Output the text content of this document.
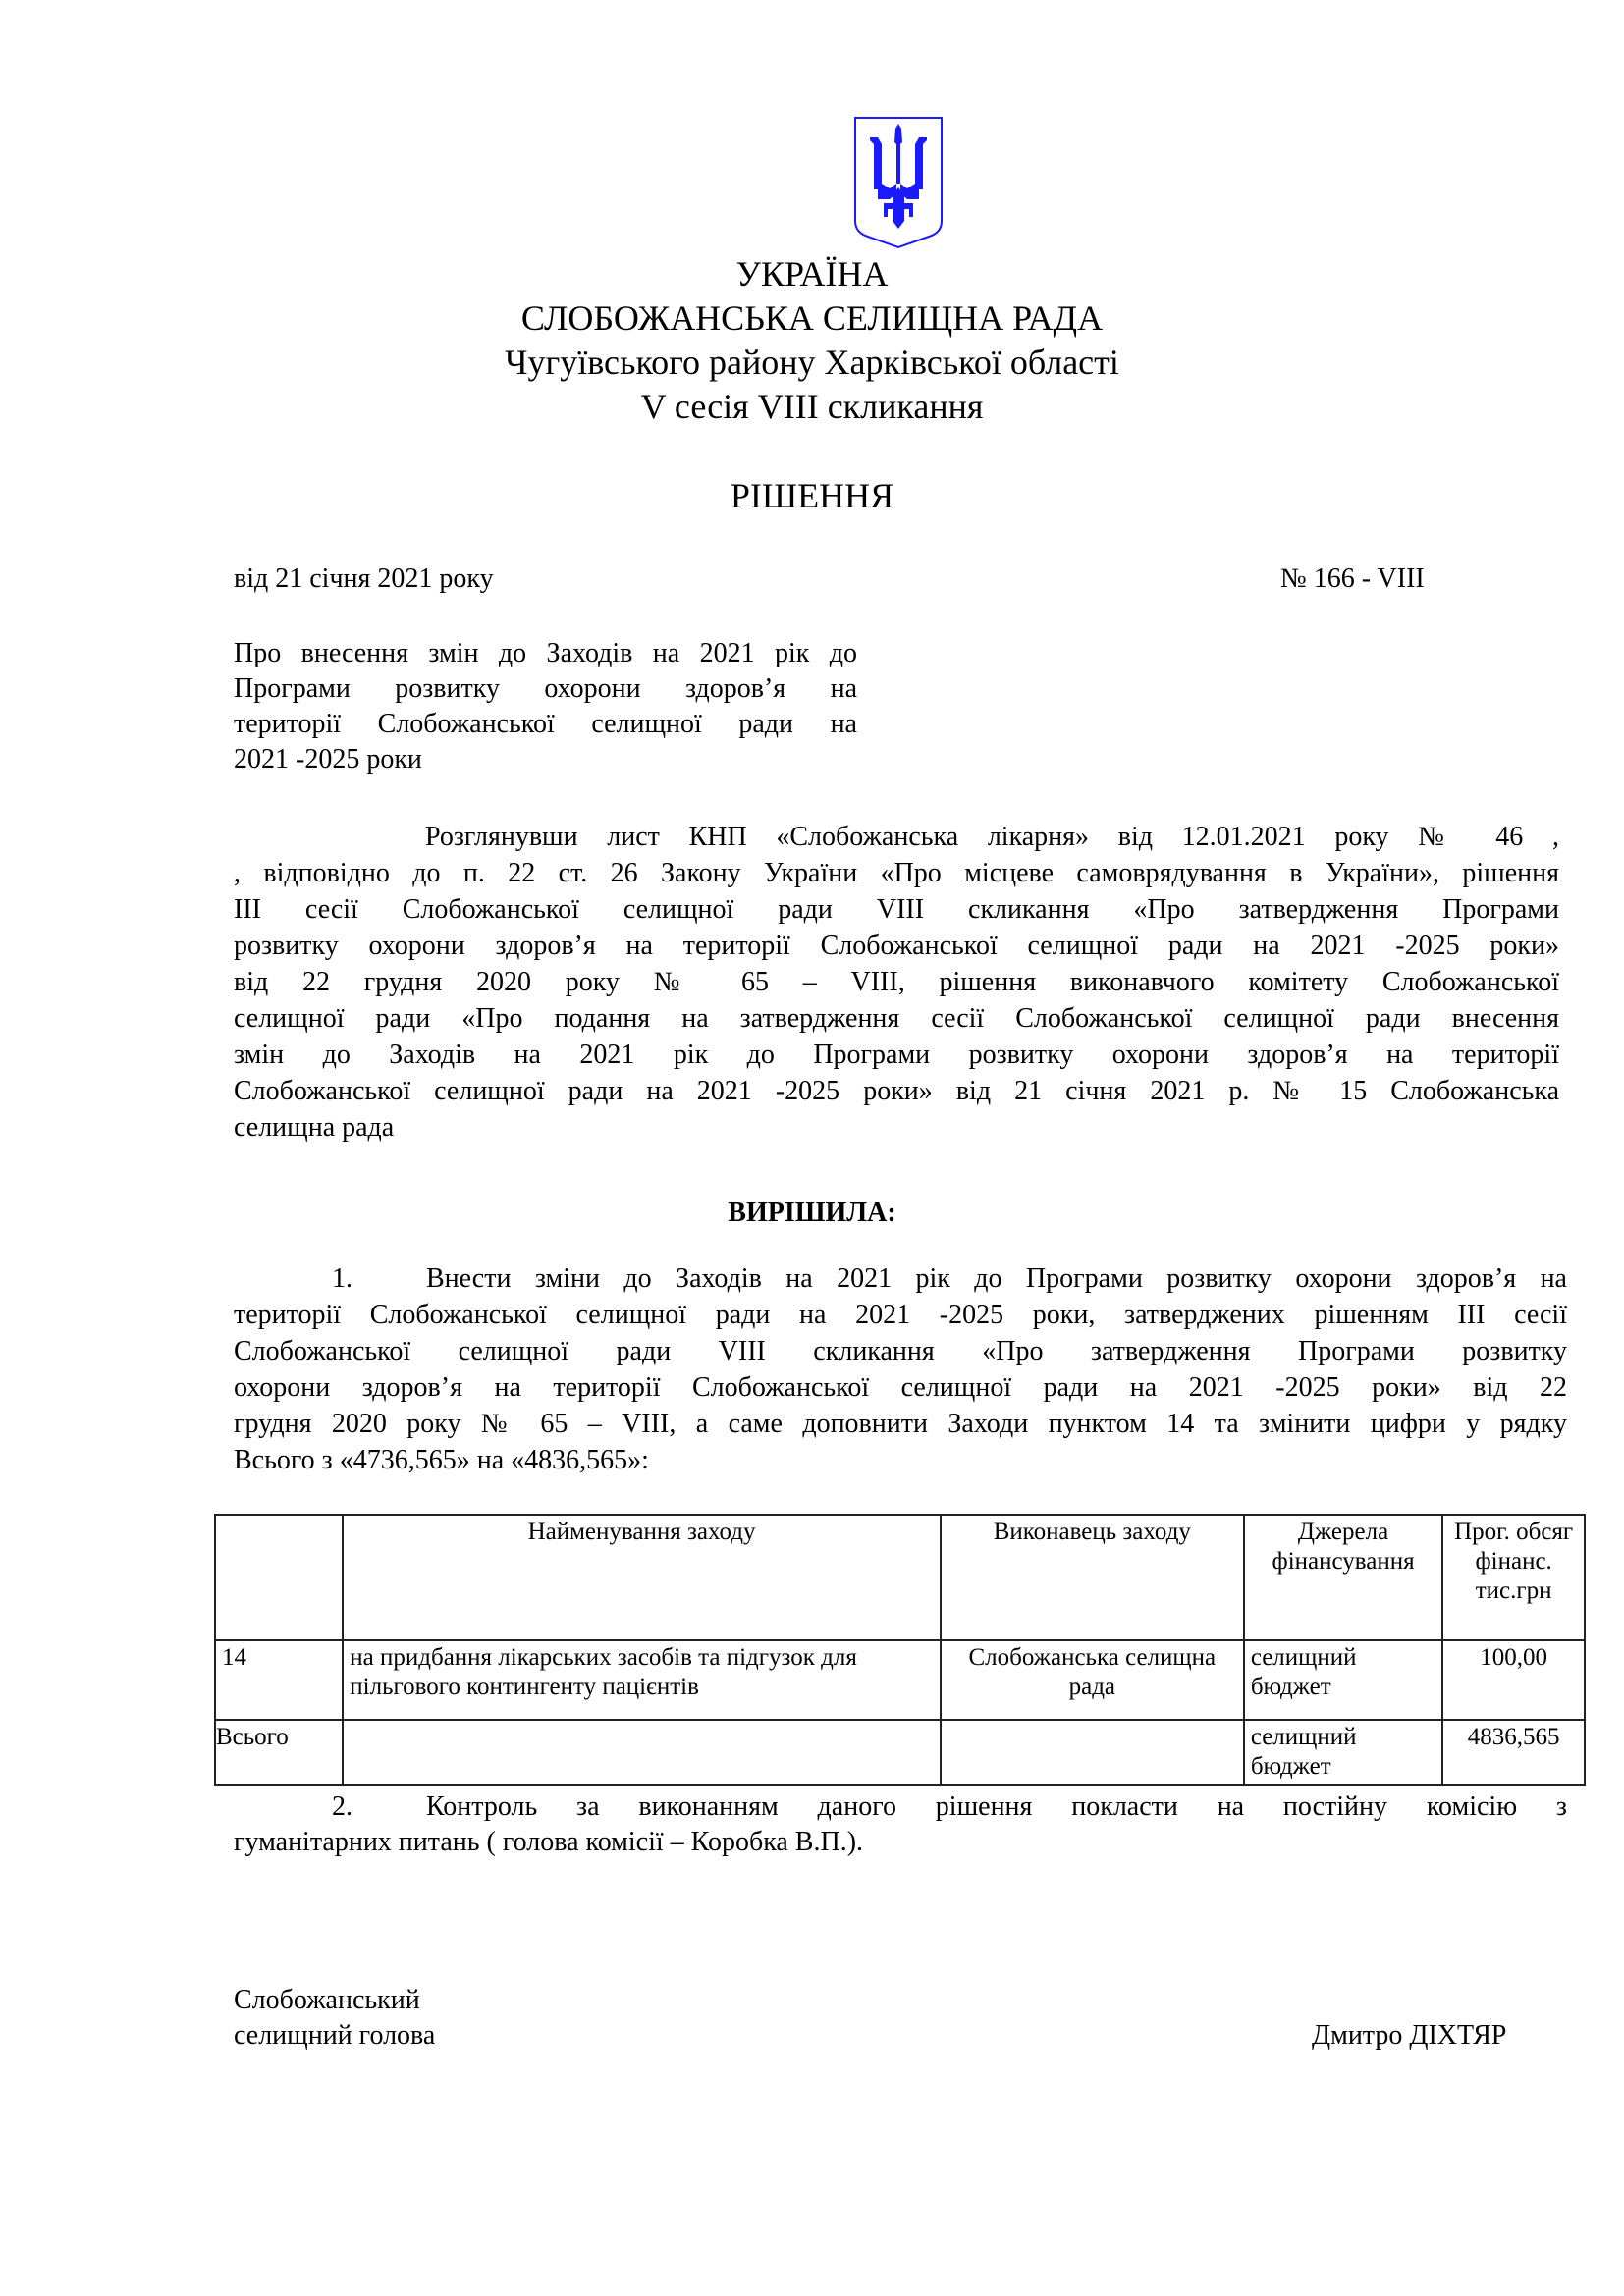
УКРАЇНА
СЛОБОЖАНСЬКА СЕЛИЩНА РАДА
Чугуївського району Харківської області
V сесія VIII скликання
РІШЕННЯ
від 21 січня 2021 року	№ 166 - VIII
Про внесення змін до Заходів на 2021 рік до
Програми розвитку охорони здоров’я на
території Слобожанської селищної ради на
2021 -2025 роки
Розглянувши лист КНП «Слобожанська лікарня» від 12.01.2021 року № 46 ,
, відповідно до п. 22 ст. 26 Закону України «Про місцеве самоврядування в України», рішення
ІІІ сесії Слобожанської селищної ради VIII скликання «Про затвердження Програми
розвитку охорони здоров’я на території Слобожанської селищної ради на 2021 -2025 роки»
від 22 грудня 2020 року № 65 – VIII, рішення виконавчого комітету Слобожанської
селищної ради «Про подання на затвердження сесії Слобожанської селищної ради внесення
змін до Заходів на 2021 рік до Програми розвитку охорони здоров’я на території
Слобожанської селищної ради на 2021 -2025 роки» від 21 січня 2021 р. № 15 Слобожанська
селищна рада
ВИРІШИЛА:
1.	Внести зміни до Заходів на 2021 рік до Програми розвитку охорони здоров’я на
території Слобожанської селищної ради на 2021 -2025 роки, затверджених рішенням ІІІ сесії
Слобожанської селищної ради VIII скликання «Про затвердження Програми розвитку
охорони здоров’я на території Слобожанської селищної ради на 2021 -2025 роки» від 22
грудня 2020 року № 65 – VIII, а саме доповнити Заходи пунктом 14 та змінити цифри у рядку
Всього з «4736,565» на «4836,565»:
	Найменування заходу	Виконавець заходу	Джерела фінансування	Прог. обсяг фінанс. тис.грн
14	на придбання лікарських засобів та підгузок для пільгового контингенту пацієнтів	Слобожанська селищна рада	селищний бюджет	100,00
Всього			селищний бюджет	4836,565
2.	Контроль за виконанням даного рішення покласти на постійну комісію з
гуманітарних питань ( голова комісії – Коробка В.П.).
Слобожанський
селищний голова	Дмитро ДІХТЯР
